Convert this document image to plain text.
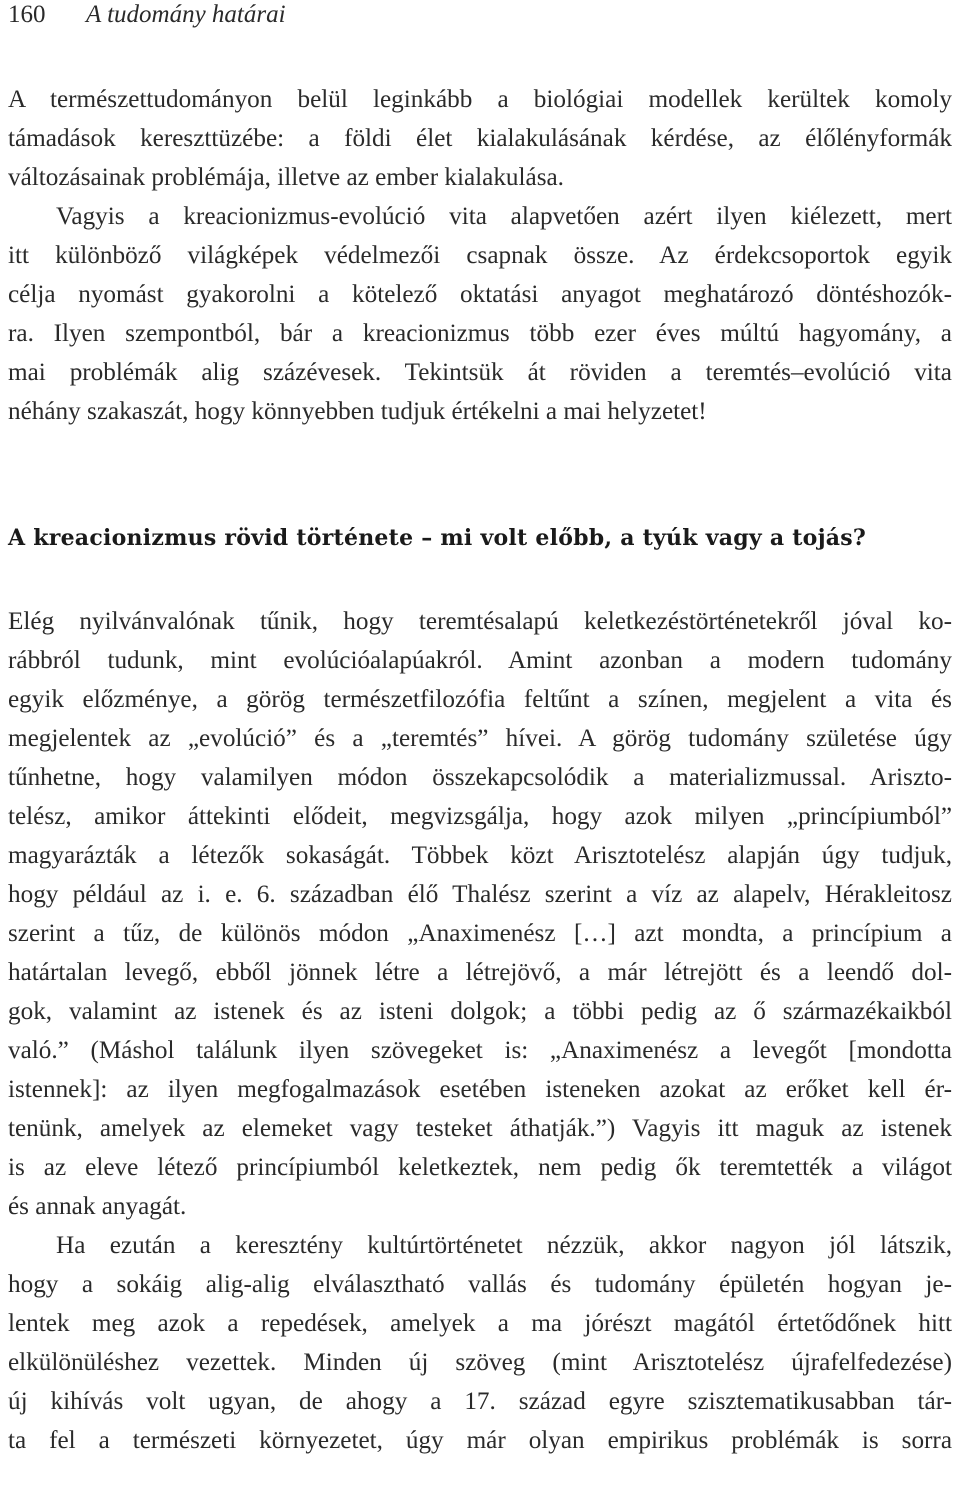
160 A tudomány határai
A természettudományon belül leginkább a biológiai modellek kerültek komoly
támadások kereszttüzébe: a földi élet kialakulásának kérdése, az élőlényformák
változásainak problémája, illetve az ember kialakulása.
Vagyis a kreacionizmus-evolúció vita alapvetően azért ilyen kiélezett, mert
itt különböző világképek védelmezői csapnak össze. Az érdekcsoportok egyik
célja nyomást gyakorolni a kötelező oktatási anyagot meghatározó döntéshozók-
ra. Ilyen szempontból, bár a kreacionizmus több ezer éves múltú hagyomány, a
mai problémák alig százévesek. Tekintsük át röviden a teremtés–evolúció vita
néhány szakaszát, hogy könnyebben tudjuk értékelni a mai helyzetet!
A kreacionizmus rövid története – mi volt előbb, a tyúk vagy a tojás?
Elég nyilvánvalónak tűnik, hogy teremtésalapú keletkezéstörténetekről jóval ko-
rábbról tudunk, mint evolúcióalapúakról. Amint azonban a modern tudomány
egyik előzménye, a görög természetfilozófia feltűnt a színen, megjelent a vita és
megjelentek az „evolúció” és a „teremtés” hívei. A görög tudomány születése úgy
tűnhetne, hogy valamilyen módon összekapcsolódik a materializmussal. Arisztо-
telész, amikor áttekinti elődeit, megvizsgálja, hogy azok milyen „princípiumból”
magyarázták a létezők sokaságát. Többek közt Arisztotelész alapján úgy tudjuk,
hogy például az i. e. 6. században élő Thalész szerint a víz az alapelv, Hérakleitosz
szerint a tűz, de különös módon „Anaximenész […] azt mondta, a princípium a
határtalan levegő, ebből jönnek létre a létrejövő, a már létrejött és a leendő dol-
gok, valamint az istenek és az isteni dolgok; a többi pedig az ő származékaikból
való.” (Máshol találunk ilyen szövegeket is: „Anaximenész a levegőt [mondotta
istennek]: az ilyen megfogalmazások esetében isteneken azokat az erőket kell ér-
tenünk, amelyek az elemeket vagy testeket áthatják.”) Vagyis itt maguk az istenek
is az eleve létező princípiumból keletkeztek, nem pedig ők teremtették a világot
és annak anyagát.
Ha ezután a keresztény kultúrtörténetet nézzük, akkor nagyon jól látszik,
hogy a sokáig alig-alig elválasztható vallás és tudomány épületén hogyan je-
lentek meg azok a repedések, amelyek a ma jórészt magától értetődőnek hitt
elkülönüléshez vezettek. Minden új szöveg (mint Arisztotelész újrafelfedezése)
új kihívás volt ugyan, de ahogy a 17. század egyre szisztematikusabban tár-
ta fel a természeti környezetet, úgy már olyan empirikus problémák is sorra
